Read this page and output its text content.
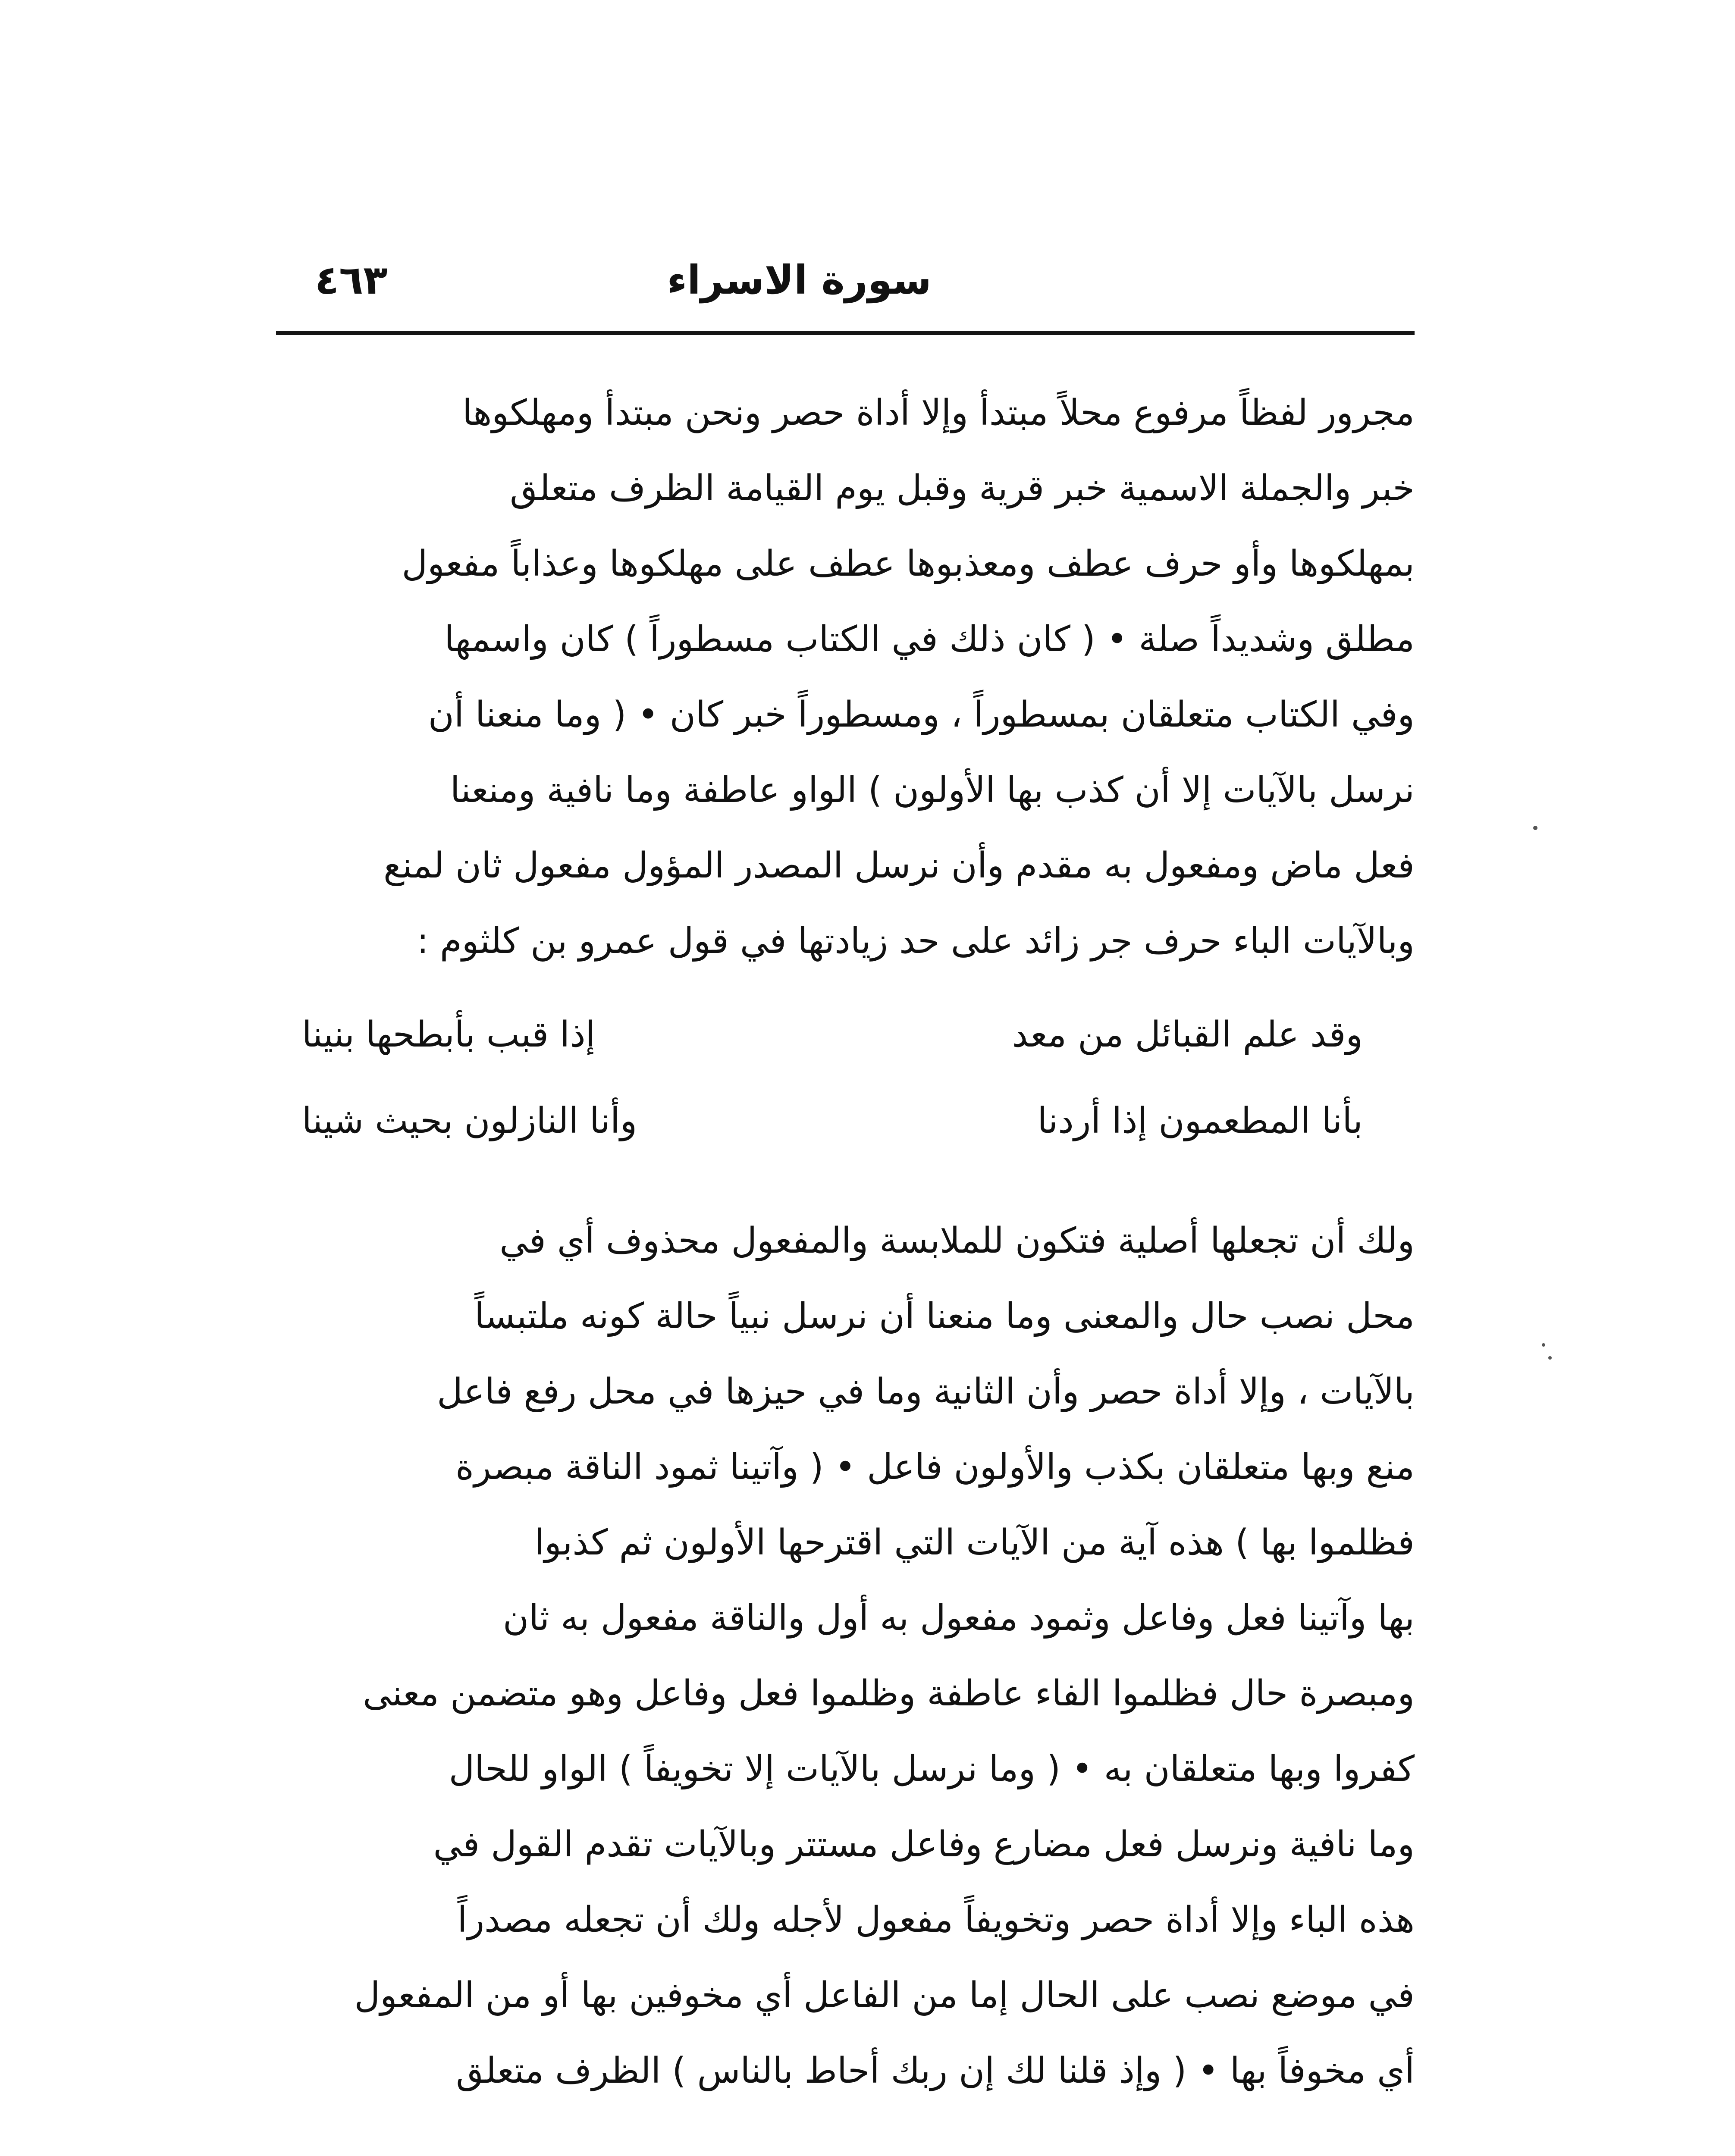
سورة الاسراء
٤٦٣
مجرور لفظاً مرفوع محلاً مبتدأ وإلا أداة حصر ونحن مبتدأ ومهلكوها
خبر والجملة الاسمية خبر قرية وقبل يوم القيامة الظرف متعلق
بمهلكوها وأو حرف عطف ومعذبوها عطف على مهلكوها وعذاباً مفعول
مطلق وشديداً صلة • ( كان ذلك في الكتاب مسطوراً ) كان واسمها
وفي الكتاب متعلقان بمسطوراً ، ومسطوراً خبر كان • ( وما منعنا أن
نرسل بالآيات إلا أن كذب بها الأولون ) الواو عاطفة وما نافية ومنعنا
فعل ماض ومفعول به مقدم وأن نرسل المصدر المؤول مفعول ثان لمنع
وبالآيات الباء حرف جر زائد على حد زيادتها في قول عمرو بن كلثوم :
وقد علم القبائل من معد
إذا قبب بأبطحها بنينا
بأنا المطعمون إذا أردنا
وأنا النازلون بحيث شينا
ولك أن تجعلها أصلية فتكون للملابسة والمفعول محذوف أي في
محل نصب حال والمعنى وما منعنا أن نرسل نبياً حالة كونه ملتبساً
بالآيات ، وإلا أداة حصر وأن الثانية وما في حيزها في محل رفع فاعل
منع وبها متعلقان بكذب والأولون فاعل • ( وآتينا ثمود الناقة مبصرة
فظلموا بها ) هذه آية من الآيات التي اقترحها الأولون ثم كذبوا
بها وآتينا فعل وفاعل وثمود مفعول به أول والناقة مفعول به ثان
ومبصرة حال فظلموا الفاء عاطفة وظلموا فعل وفاعل وهو متضمن معنى
كفروا وبها متعلقان به • ( وما نرسل بالآيات إلا تخويفاً ) الواو للحال
وما نافية ونرسل فعل مضارع وفاعل مستتر وبالآيات تقدم القول في
هذه الباء وإلا أداة حصر وتخويفاً مفعول لأجله ولك أن تجعله مصدراً
في موضع نصب على الحال إما من الفاعل أي مخوفين بها أو من المفعول
أي مخوفاً بها • ( وإذ قلنا لك إن ربك أحاط بالناس ) الظرف متعلق
